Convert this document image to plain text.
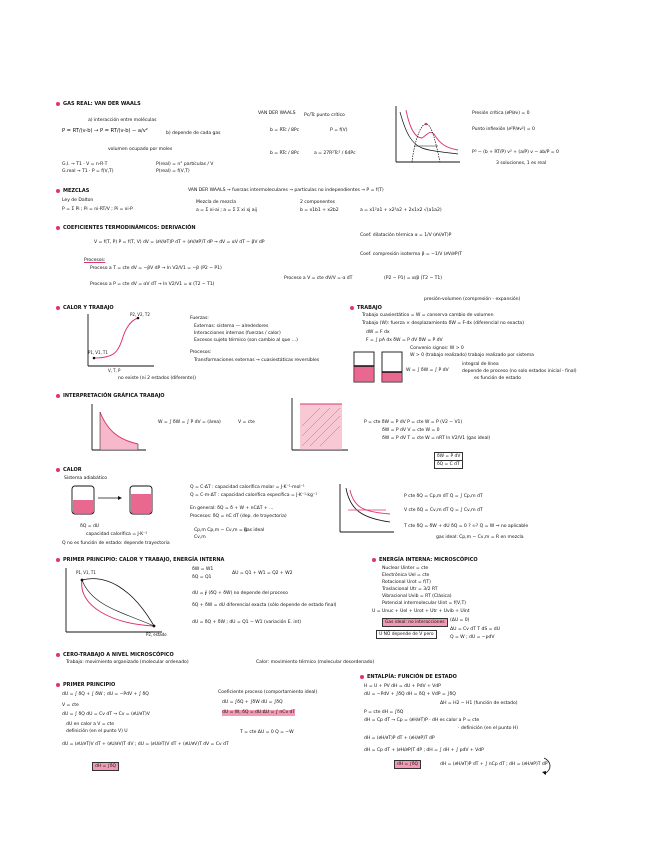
GAS REAL: VAN DER WAALS
a) interacción entre moléculas
P = RT/(v-b) → P = RT/(v-b) − a/v²	b) depende de cada gas
volumen ocupado por moles
G.I. → T1 · V = n·R·T
G.real → T1 · P = f(V,T)
P(real) = n° partículas / V
P(real) = f(V,T)
VAN DER WAALS Pc/Tc punto crítico
b = RTc / 8Pc	P = f(V)
b = RTc / 8Pc	a = 27R²Tc² / 64Pc
Presión crítica (∂P/∂v) = 0
Punto inflexión (∂²P/∂v²) = 0
P³ − (b + RT/P) v² + (a/P) v − ab/P = 0
3 soluciones, 1 es real
MEZCLAS
Ley de Dalton
P = Σ Pi ; Pi = ni·RT/V ; Pi = xi·P
VAN DER WAALS → fuerzas intermoleculares → partículas no independientes → P = f(T)
Mezcla de mezcla
a = Σ xi·ai ; a = Σ Σ xi xj aij
2 componentes
b = x1b1 + x2b2	a = x1²a1 + x2²a2 + 2x1x2 √(a1a2)
COEFICIENTES TERMODINÁMICOS: DERIVACIÓN
V = f(T, P) P = f(T, V) dV = (∂V/∂T)P dT + (∂V/∂P)T dP → dV = αV dT − βV dP
Coef. dilatación térmica α = 1/V (∂V/∂T)P
Coef. compresión isoterma β = −1/V (∂V/∂P)T
Procesos:
Proceso a T = cte dV = −βV dP → ln V2/V1 = −β (P2 − P1)
Proceso a V = cte dV/V = α dT
Proceso a P = cte dV = αV dT → ln V2/V1 = α (T2 − T1)
(P2 − P1) = α/β (T2 − T1)
CALOR Y TRABAJO
P1, V1, T1
P2, V2, T2
V, T, P
no existe (ni 2 estados (diferente))
Fuerzas:
Externas: sistema — alrededores
Interacciones internas (fuerzas / calor)
Excesos sujeto térmico (son cambio al que …)
Procesos:
Transformaciones externas → cuasiestáticas reversibles
TRABAJO
presión-volumen (compresión - expansión)
Trabajo cuasiestático = W = conserva cambio de volumen
Trabajo (W): fuerza × desplazamiento δW = F·dx (diferencial no exacta)
dW = F dx
F = ∫ pA dx δW = P dV δW = P dV
Convenio signos: W > 0
W > 0 (trabajo realizado) trabajo realizado por sistema
W = ∫ δW = ∫ P dV
integral de línea
depende de proceso (no solo estados inicial - final)
es función de estado
INTERPRETACIÓN GRÁFICA TRABAJO
W = ∫ δW = ∫ P dV = (área)	V = cte	P = cte δW = P dV P = cte W = P (V2 − V1)
δW = P dV V = cte W = 0
δW = P dV T = cte W = nRT ln V2/V1 (gas ideal)
δW = P dV
δQ = C dT
CALOR
Sistema adiabático
Q = C·ΔT : capacidad calorífica molar = J·K⁻¹·mol⁻¹
Q = C·m·ΔT : capacidad calorífica específica = J·K⁻¹·kg⁻¹
En general: δQ = δ + W + nCΔT + ...
Procesos: δQ = nC dT (dep. de trayectoria)
Cp,m Cp,m − Cv,m = R
Cv,m
gas ideal
δQ = dU
capacidad calorífica = J·K⁻¹
Q no es función de estado: depende trayectoria
P cte δQ = Cp,m dT Q = ∫ Cp,m dT
V cte δQ = Cv,m dT Q = ∫ Cv,m dT
T cte δQ = δW + dU δQ = 0 ? ∞? Q = W ⇒ no aplicable
gas ideal: Cp,m − Cv,m = R en mezcla
PRIMER PRINCIPIO: CALOR Y TRABAJO, ENERGÍA INTERNA
P1, V1, T1
P2, estado
δW = W1
δQ = Q1
ΔU = Q1 + W1 = Q2 + W2
dU = ∮ (δQ + δW) no depende del proceso
δQ + δW = dU diferencial exacta (sólo depende de estado final)
dU = δQ + δW ; dU = Q1 − W1 (variación E. int)
ENERGÍA INTERNA: MICROSCÓPICO
Nuclear Uinter = cte
Electrónica Uel = cte
Rotacional Urot = f(T)
Traslacional Utr = 3/2 RT
Vibracional Uvib = RT (Clásica)
Potencial intermolecular Uint = f(V,T)
U = Unuc + Uel + Urot + Utr + Uvib + Uint
Gas ideal: no interacciones	(ΔU = 0)
ΔU = Cv dT T dS = dU
Q = W ; dU = −pdV
U NO depende de V pero
CERO-TRABAJO A NIVEL MICROSCÓPICO
Trabajo: movimiento organizado (molecular ordenado)	Calor: movimiento térmico (molecular desordenado)
PRIMER PRINCIPIO
dU = ∫ δQ + ∫ δW ; dU = −PdV + ∫ δQ
V = cte
dU = ∫ δQ dU = Cv dT → Cv = (∂U/∂T)V
dU en calor a V = cte
definición (en el punto V) U
dU = (∂U/∂T)V dT + (∂U/∂V)T dV ; dU = (∂U/∂T)V dT + (∂U/∂V)T dV = Cv dT
dH = ∫δQ
Coeficiente proceso (comportamiento ideal)
dU = ∫δQ + ∫δW dU = ∫δQ
dU = W, δQ = dU ΔU = ∫ nCv dT
T = cte ΔU = 0 Q = −W
ENTALPÍA: FUNCIÓN DE ESTADO
H = U + PV dH = dU + PdV + VdP
dU = −PdV + ∫δQ dH = δQ + VdP = ∫δQ
ΔH = H2 − H1 (función de estado)
P = cte dH = ∫δQ
dH = Cp dT → Cp = (∂H/∂T)P · dH es calor a P = cte
· definición (en el punto H)
dH = (∂H/∂T)P dT + (∂H/∂P)T dP
dH = Cp dT + (∂H/∂P)T dP ; dH = ∫ dH + ∫ pdV + VdP
dH = ∫δQ	dH = (∂H/∂T)P dT + ∫ nCp dT ; dH = (∂H/∂P)T dP
